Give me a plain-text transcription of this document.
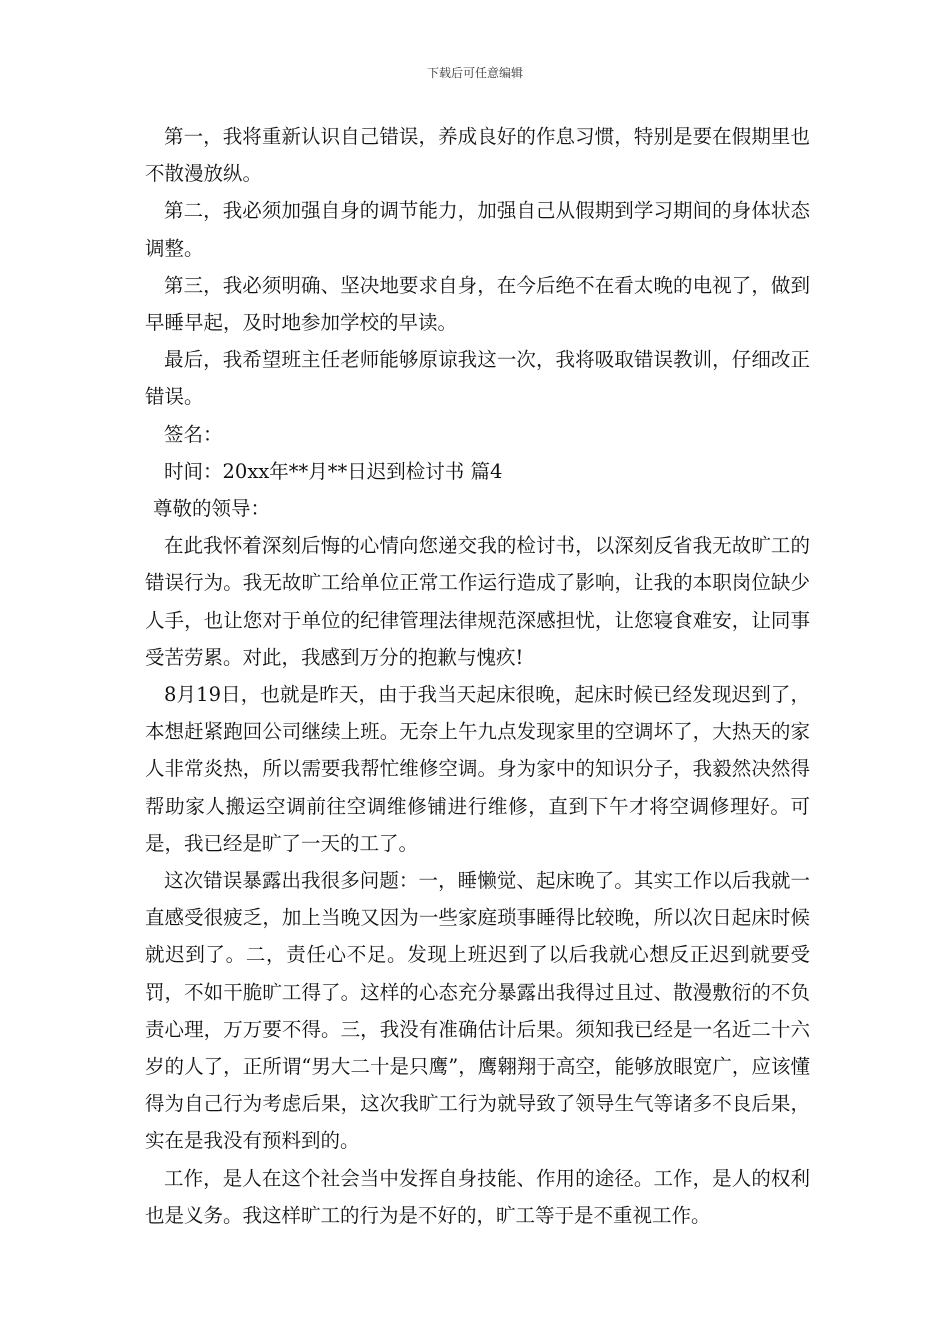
下载后可任意编辑

第一，我将重新认识自己错误，养成良好的作息习惯，特别是要在假期里也不散漫放纵。

第二，我必须加强自身的调节能力，加强自己从假期到学习期间的身体状态调整。

第三，我必须明确、坚决地要求自身，在今后绝不在看太晚的电视了，做到早睡早起，及时地参加学校的早读。

最后，我希望班主任老师能够原谅我这一次，我将吸取错误教训，仔细改正错误。

签名：

时间：20xx年**月**日迟到检讨书 篇4

尊敬的领导：

在此我怀着深刻后悔的心情向您递交我的检讨书，以深刻反省我无故旷工的错误行为。我无故旷工给单位正常工作运行造成了影响，让我的本职岗位缺少人手，也让您对于单位的纪律管理法律规范深感担忧，让您寝食难安，让同事受苦劳累。对此，我感到万分的抱歉与愧疚!

8月19日，也就是昨天，由于我当天起床很晚，起床时候已经发现迟到了，本想赶紧跑回公司继续上班。无奈上午九点发现家里的空调坏了，大热天的家人非常炎热，所以需要我帮忙维修空调。身为家中的知识分子，我毅然决然得帮助家人搬运空调前往空调维修铺进行维修，直到下午才将空调修理好。可是，我已经是旷了一天的工了。

这次错误暴露出我很多问题：一，睡懒觉、起床晚了。其实工作以后我就一直感受很疲乏，加上当晚又因为一些家庭琐事睡得比较晚，所以次日起床时候就迟到了。二，责任心不足。发现上班迟到了以后我就心想反正迟到就要受罚，不如干脆旷工得了。这样的心态充分暴露出我得过且过、散漫敷衍的不负责心理，万万要不得。三，我没有准确估计后果。须知我已经是一名近二十六岁的人了，正所谓“男大二十是只鹰”，鹰翱翔于高空，能够放眼宽广，应该懂得为自己行为考虑后果，这次我旷工行为就导致了领导生气等诸多不良后果，实在是我没有预料到的。

工作，是人在这个社会当中发挥自身技能、作用的途径。工作，是人的权利也是义务。我这样旷工的行为是不好的，旷工等于是不重视工作。
